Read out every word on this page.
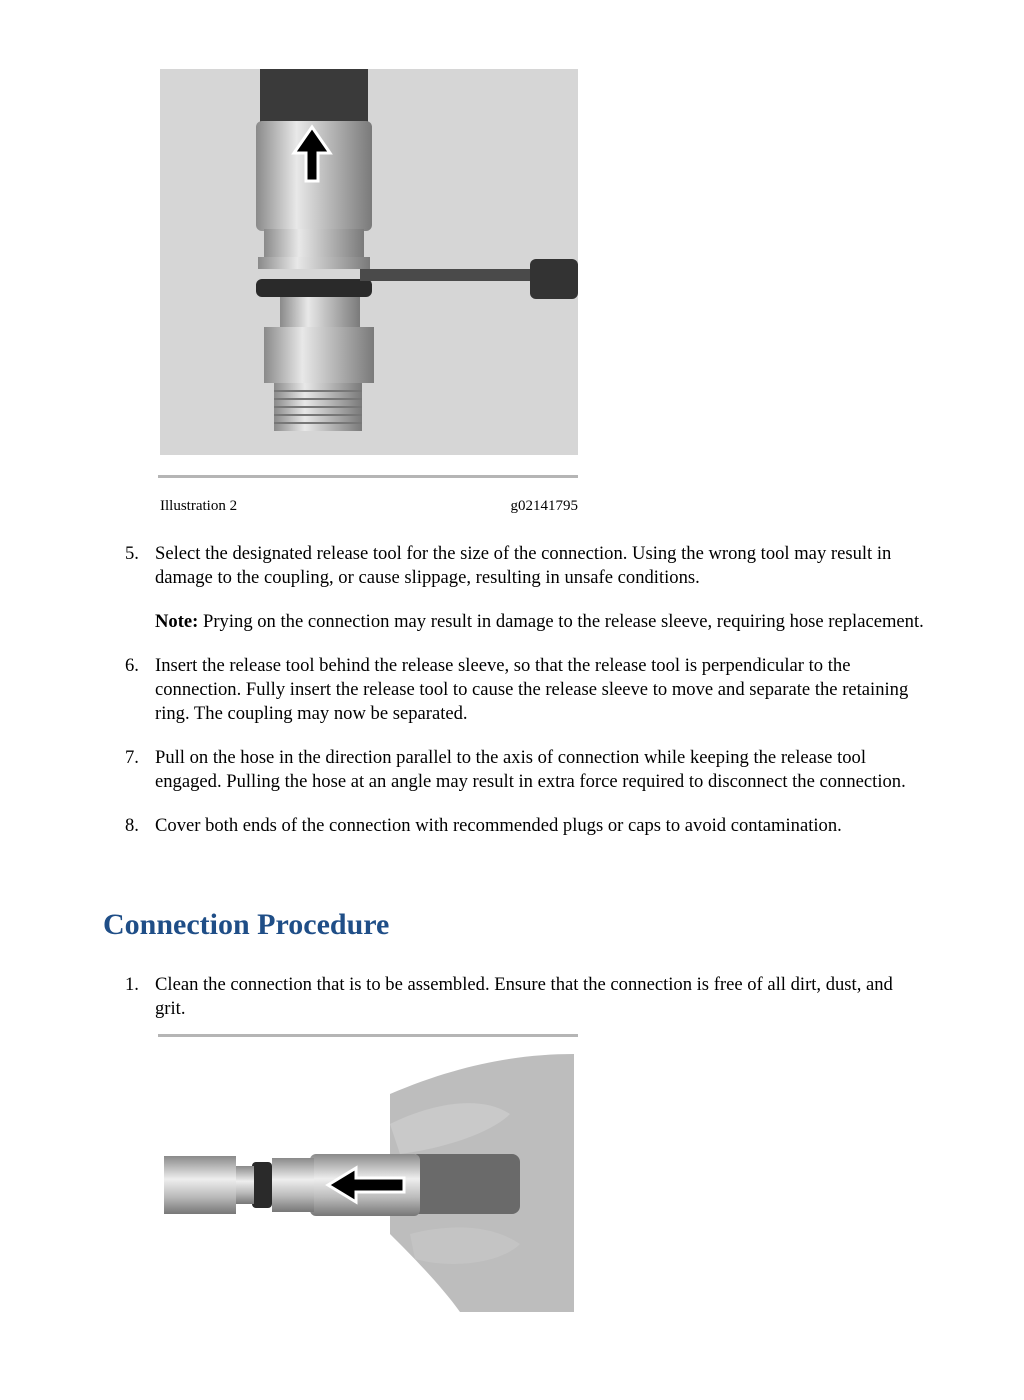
Illustration 2	g02141795
5. Select the designated release tool for the size of the connection. Using the wrong tool may result in damage to the coupling, or cause slippage, resulting in unsafe conditions.
Note: Prying on the connection may result in damage to the release sleeve, requiring hose replacement.
6. Insert the release tool behind the release sleeve, so that the release tool is perpendicular to the connection. Fully insert the release tool to cause the release sleeve to move and separate the retaining ring. The coupling may now be separated.
7. Pull on the hose in the direction parallel to the axis of connection while keeping the release tool engaged. Pulling the hose at an angle may result in extra force required to disconnect the connection.
8. Cover both ends of the connection with recommended plugs or caps to avoid contamination.
Connection Procedure
1. Clean the connection that is to be assembled. Ensure that the connection is free of all dirt, dust, and grit.
